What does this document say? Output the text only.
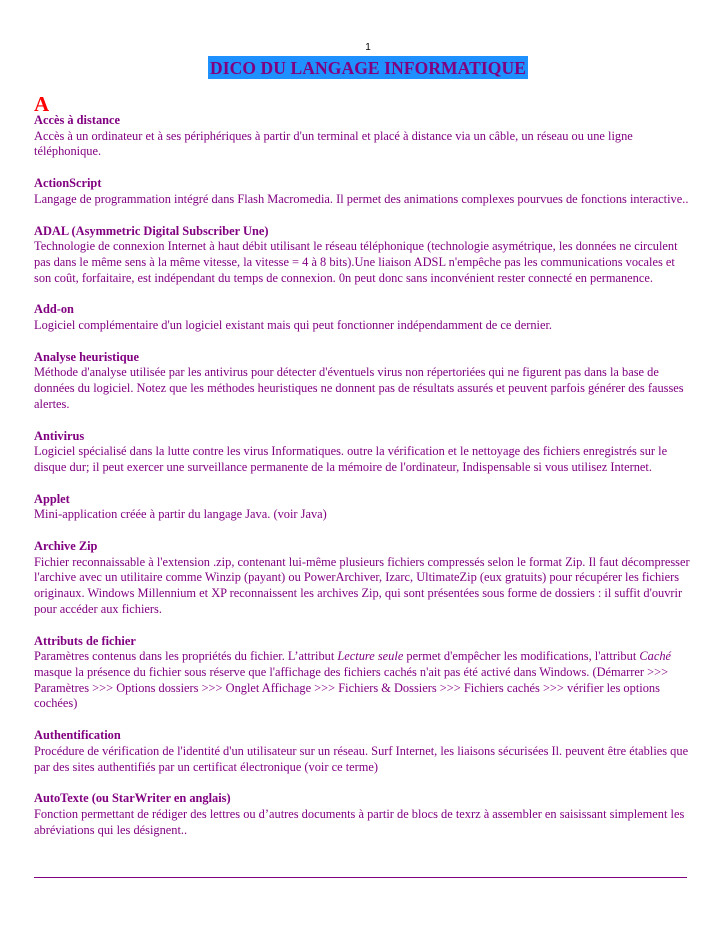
1
DICO DU LANGAGE INFORMATIQUE
A
Accès à distance
Accès à un ordinateur et à ses périphériques à partir d'un terminal et placé à distance via un câble, un réseau ou une ligne téléphonique.
ActionScript
Langage de programmation intégré dans Flash Macromedia. Il permet des animations complexes pourvues de fonctions interactive..
ADAL (Asymmetric Digital Subscriber Une)
Technologie de connexion Internet à haut débit utilisant le réseau téléphonique (technologie asymétrique, les données ne circulent pas dans le même sens à la même vitesse, la vitesse = 4 à 8 bits).Une liaison ADSL n'empêche pas les communications vocales et son coût, forfaitaire, est indépendant du temps de connexion. 0n peut donc sans inconvénient rester connecté en permanence.
Add-on
Logiciel complémentaire d'un logiciel existant mais qui peut fonctionner indépendamment de ce dernier.
Analyse heuristique
Méthode d'analyse utilisée par les antivirus pour détecter d'éventuels virus non répertoriées qui ne figurent pas dans la base de données du logiciel. Notez que les méthodes heuristiques ne donnent pas de résultats assurés et peuvent parfois générer des fausses alertes.
Antivirus
Logiciel spécialisé dans la lutte contre les virus Informatiques. outre la vérification et le nettoyage des fichiers enregistrés sur le disque dur; il peut exercer une surveillance permanente de la mémoire de l'ordinateur, Indispensable si vous utilisez Internet.
Applet
Mini-application créée à partir du langage Java. (voir Java)
Archive Zip
Fichier reconnaissable à l'extension .zip, contenant lui-même plusieurs fichiers compressés selon le format Zip. Il faut décompresser l'archive avec un utilitaire comme Winzip (payant) ou PowerArchiver, Izarc, UltimateZip (eux gratuits) pour récupérer les fichiers originaux. Windows Millennium et XP reconnaissent les archives Zip, qui sont présentées sous forme de dossiers : il suffit d'ouvrir pour accéder aux fichiers.
Attributs de fichier
Paramètres contenus dans les propriétés du fichier. L’attribut Lecture seule permet d'empêcher les modifications, l'attribut Caché masque la présence du fichier sous réserve que l'affichage des fichiers cachés n'ait pas été activé dans Windows. (Démarrer >>> Paramètres >>> Options dossiers >>> Onglet Affichage >>> Fichiers & Dossiers >>> Fichiers cachés >>> vérifier les options cochées)
Authentification
Procédure de vérification de l'identité d'un utilisateur sur un réseau. Surf Internet, les liaisons sécurisées Il. peuvent être établies que par des sites authentifiés par un certificat électronique (voir ce terme)
AutoTexte (ou StarWriter en anglais)
Fonction permettant de rédiger des lettres ou d’autres documents à partir de blocs de texrz à assembler en saisissant simplement les abréviations qui les désignent..
